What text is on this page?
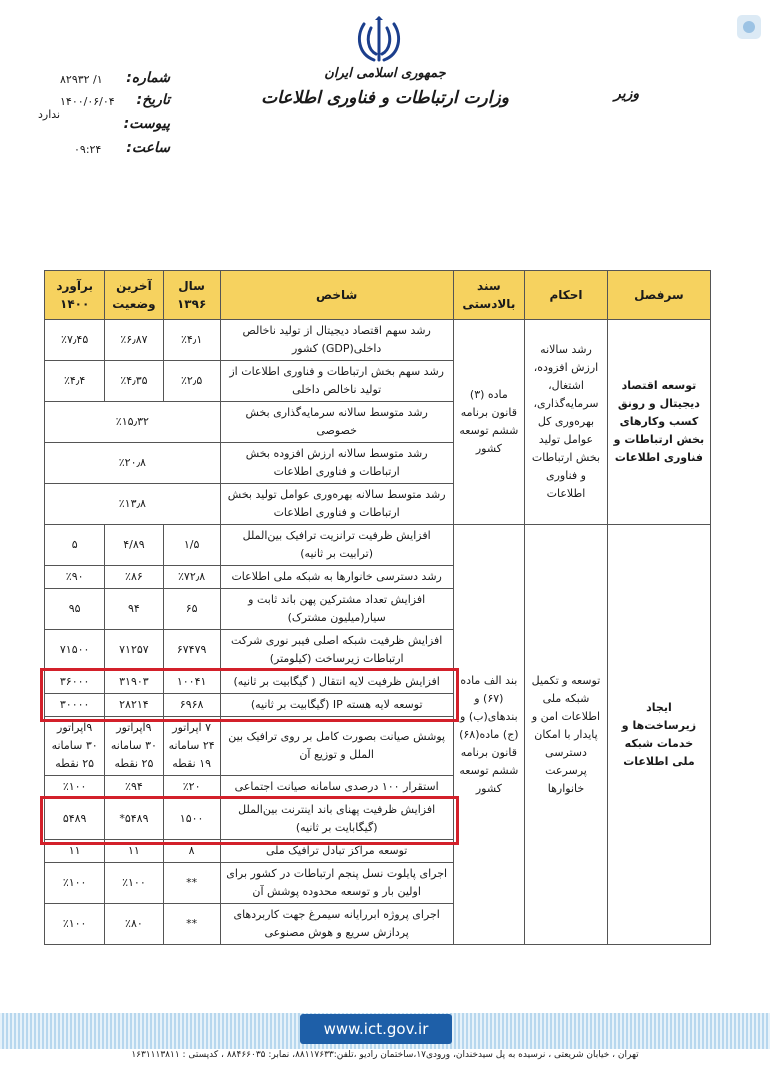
جمهوری اسلامی ایران
وزارت ارتباطات و فناوری اطلاعات	وزیر
شماره:
۱/ ۸۲۹۳۲
تاریخ:
۱۴۰۰/۰۶/۰۴
پیوست:
ندارد
ساعت:
۰۹:۲۴
سرفصل	احکام	سند بالادستی	شاخص	سال ۱۳۹۶	آخرین وضعیت	برآورد ۱۴۰۰
توسعه اقتصاد دیجیتال و رونق کسب وکارهای بخش ارتباطات و فناوری اطلاعات	رشد سالانه ارزش افزوده، اشتغال، سرمایه‌گذاری، بهره‌وری کل عوامل تولید بخش ارتباطات و فناوری اطلاعات	ماده (۳) قانون برنامه ششم توسعه کشور	رشد سهم اقتصاد دیجیتال از تولید ناخالص داخلی(GDP) کشور	٪۴٫۱	٪۶٫۸۷	٪۷٫۴۵
			رشد سهم بخش ارتباطات و فناوری اطلاعات از تولید ناخالص داخلی	٪۲٫۵	٪۴٫۳۵	٪۴٫۴
			رشد متوسط سالانه سرمایه‌گذاری بخش خصوصی	٪۱۵٫۳۲		
			رشد متوسط سالانه ارزش افزوده بخش ارتباطات و فناوری اطلاعات	٪۲۰٫۸		
			رشد متوسط سالانه بهره‌وری عوامل تولید بخش ارتباطات و فناوری اطلاعات	٪۱۳٫۸		
ایجاد زیرساخت‌ها و خدمات شبکه ملی اطلاعات	توسعه و تکمیل شبکه ملی اطلاعات امن و پایدار با امکان دسترسی پرسرعت خانوارها	بند الف ماده (۶۷) و بندهای(ب) و (ج) ماده(۶۸) قانون برنامه ششم توسعه کشور	افزایش ظرفیت ترانزیت ترافیک بین‌الملل (ترابیت بر ثانیه)	۱/۵	۴/۸۹	۵
			رشد دسترسی خانوارها به شبکه ملی اطلاعات	٪۷۲٫۸	٪۸۶	٪۹۰
			افزایش تعداد مشترکین پهن باند ثابت و سیار(میلیون مشترک)	۶۵	۹۴	۹۵
			افزایش ظرفیت شبکه اصلی فیبر نوری شرکت ارتباطات زیرساخت (کیلومتر)	۶۷۴۷۹	۷۱۲۵۷	۷۱۵۰۰
			افزایش ظرفیت لایه انتقال ( گیگابیت بر ثانیه)	۱۰۰۴۱	۳۱۹۰۳	۳۶۰۰۰
			توسعه لایه هسته IP (گیگابیت بر ثانیه)	۶۹۶۸	۲۸۲۱۴	۳۰۰۰۰
			پوشش صیانت بصورت کامل بر روی ترافیک بین الملل و توزیع آن	۷ اپراتور ۲۴ سامانه ۱۹ نقطه	۹اپراتور ۳۰ سامانه ۲۵ نقطه	۹اپراتور ۳۰ سامانه ۲۵ نقطه
			استقرار ۱۰۰ درصدی سامانه صیانت اجتماعی	٪۲۰	٪۹۴	٪۱۰۰
			افزایش ظرفیت پهنای باند اینترنت بین‌الملل (گیگابایت بر ثانیه)	۱۵۰۰	۵۴۸۹*	۵۴۸۹
			توسعه مراکز تبادل ترافیک ملی	۸	۱۱	۱۱
			اجرای پایلوت نسل پنجم ارتباطات در کشور برای اولین بار و توسعه محدوده پوشش آن	**	٪۱۰۰	٪۱۰۰
			اجرای پروژه ابررایانه سیمرغ جهت کاربردهای پردازش سریع و هوش مصنوعی	**	٪۸۰	٪۱۰۰
www.ict.gov.ir
تهران ، خیابان شریعتی ، نرسیده به پل سیدخندان، ورودی۱۷،ساختمان رادیو ،تلفن:۸۸۱۱۷۶۳۳، نمابر: ۸۸۴۶۶۰۳۵ ، کدپستی : ۱۶۳۱۱۱۳۸۱۱
